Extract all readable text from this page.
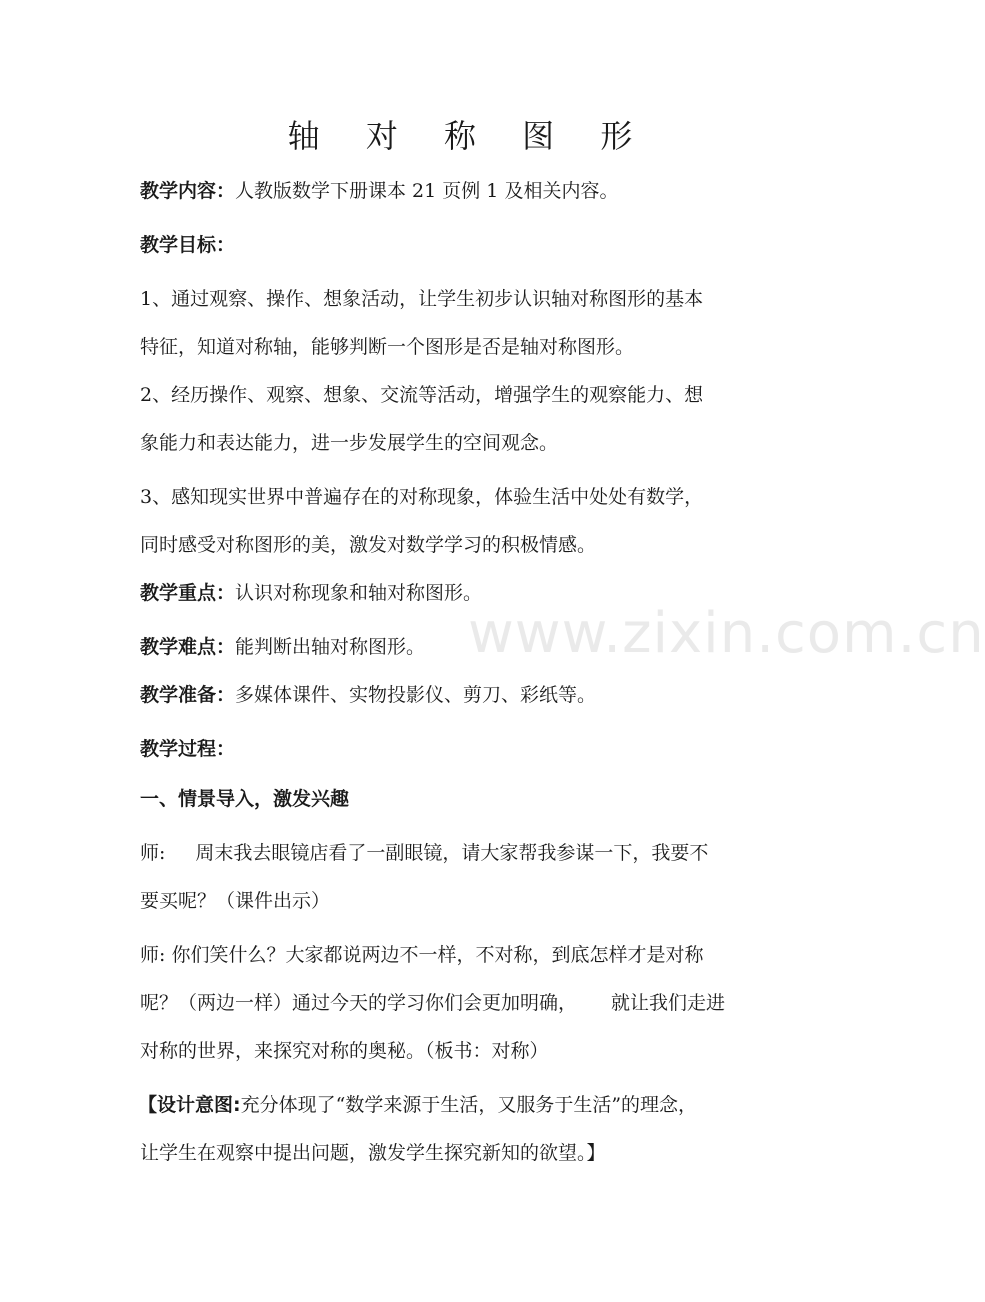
www.zixin.com.cn
轴 对 称 图 形
教学内容：人教版数学下册课本 21 页例 1 及相关内容。
教学目标：
1、通过观察、操作、想象活动，让学生初步认识轴对称图形的基本
特征，知道对称轴，能够判断一个图形是否是轴对称图形。
2、经历操作、观察、想象、交流等活动，增强学生的观察能力、想
象能力和表达能力，进一步发展学生的空间观念。
3、感知现实世界中普遍存在的对称现象，体验生活中处处有数学，
同时感受对称图形的美，激发对数学学习的积极情感。
教学重点：认识对称现象和轴对称图形。
教学难点：能判断出轴对称图形。
教学准备：多媒体课件、实物投影仪、剪刀、彩纸等。
教学过程：
一、情景导入，激发兴趣
师: 周末我去眼镜店看了一副眼镜，请大家帮我参谋一下，我要不
要买呢？（课件出示）
师: 你们笑什么？大家都说两边不一样，不对称，到底怎样才是对称
呢？（两边一样）通过今天的学习你们会更加明确， 就让我们走进
对称的世界，来探究对称的奥秘。（板书：对称）
【设计意图:充分体现了“数学来源于生活，又服务于生活”的理念，
让学生在观察中提出问题，激发学生探究新知的欲望。】
